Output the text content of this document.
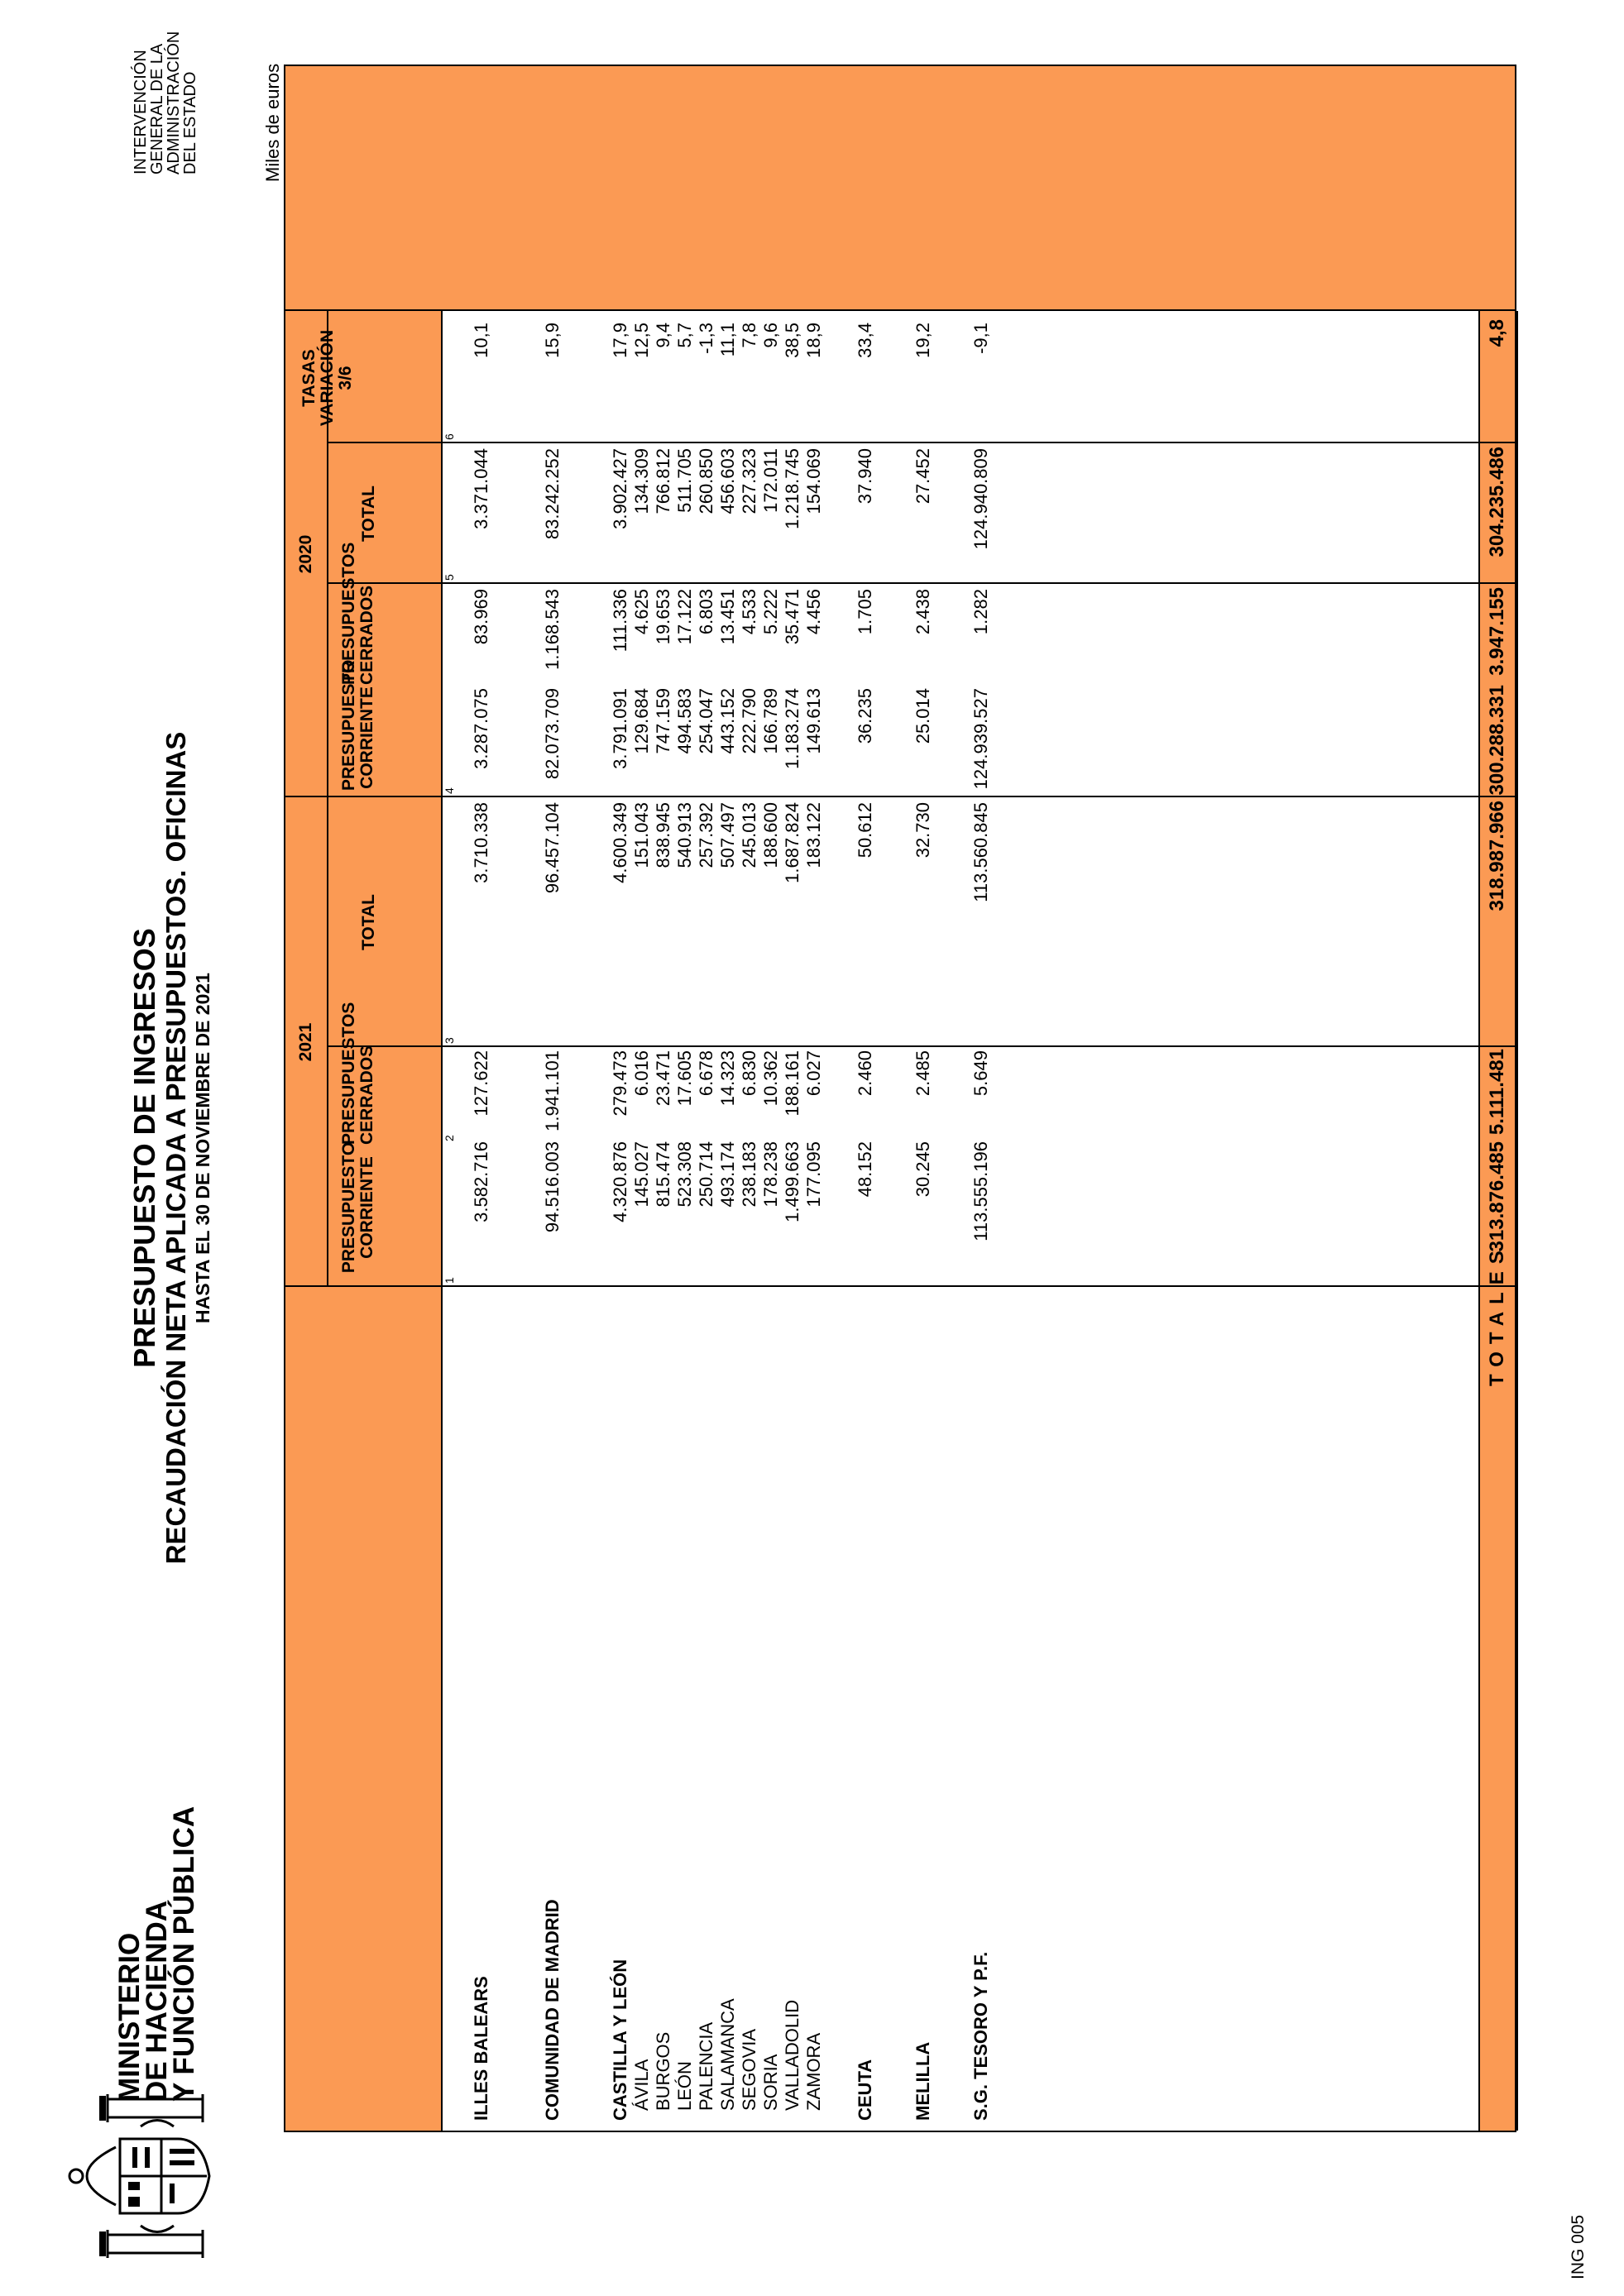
MINISTERIO
DE HACIENDA
Y FUNCIÓN PÚBLICA
PRESUPUESTO DE INGRESOS RECAUDACIÓN NETA APLICADA A PRESUPUESTOS. OFICINAS HASTA EL 30 DE NOVIEMBRE DE 2021
INTERVENCIÓN GENERAL DE LA
ADMINISTRACIÓN DEL ESTADO	Miles de euros
ING 005
2021
2020
PRESUPUESTO CORRIENTE
PRESUPUESTOS CERRADOS
TOTAL
PRESUPUESTO CORRIENTE
PRESUPUESTOS CERRADOS
TOTAL
TASAS VARIACIÓN 3/6
1
2
3
4
5
6
ILLES BALEARS
3.582.716
127.622
3.710.338
3.287.075
83.969
3.371.044
10,1
COMUNIDAD DE MADRID
94.516.003
1.941.101
96.457.104
82.073.709
1.168.543
83.242.252
15,9
CASTILLA Y LEÓN
4.320.876
279.473
4.600.349
3.791.091
111.336
3.902.427
17,9
ÁVILA
145.027
6.016
151.043
129.684
4.625
134.309
12,5
BURGOS
815.474
23.471
838.945
747.159
19.653
766.812
9,4
LEÓN
523.308
17.605
540.913
494.583
17.122
511.705
5,7
PALENCIA
250.714
6.678
257.392
254.047
6.803
260.850
-1,3
SALAMANCA
493.174
14.323
507.497
443.152
13.451
456.603
11,1
SEGOVIA
238.183
6.830
245.013
222.790
4.533
227.323
7,8
SORIA
178.238
10.362
188.600
166.789
5.222
172.011
9,6
VALLADOLID
1.499.663
188.161
1.687.824
1.183.274
35.471
1.218.745
38,5
ZAMORA
177.095
6.027
183.122
149.613
4.456
154.069
18,9
CEUTA
48.152
2.460
50.612
36.235
1.705
37.940
33,4
MELILLA
30.245
2.485
32.730
25.014
2.438
27.452
19,2
S.G. TESORO Y P.F.
113.555.196
5.649
113.560.845
124.939.527
1.282
124.940.809
-9,1
TOTALES
313.876.485
5.111.481
318.987.966
300.288.331
3.947.155
304.235.486
4,8
